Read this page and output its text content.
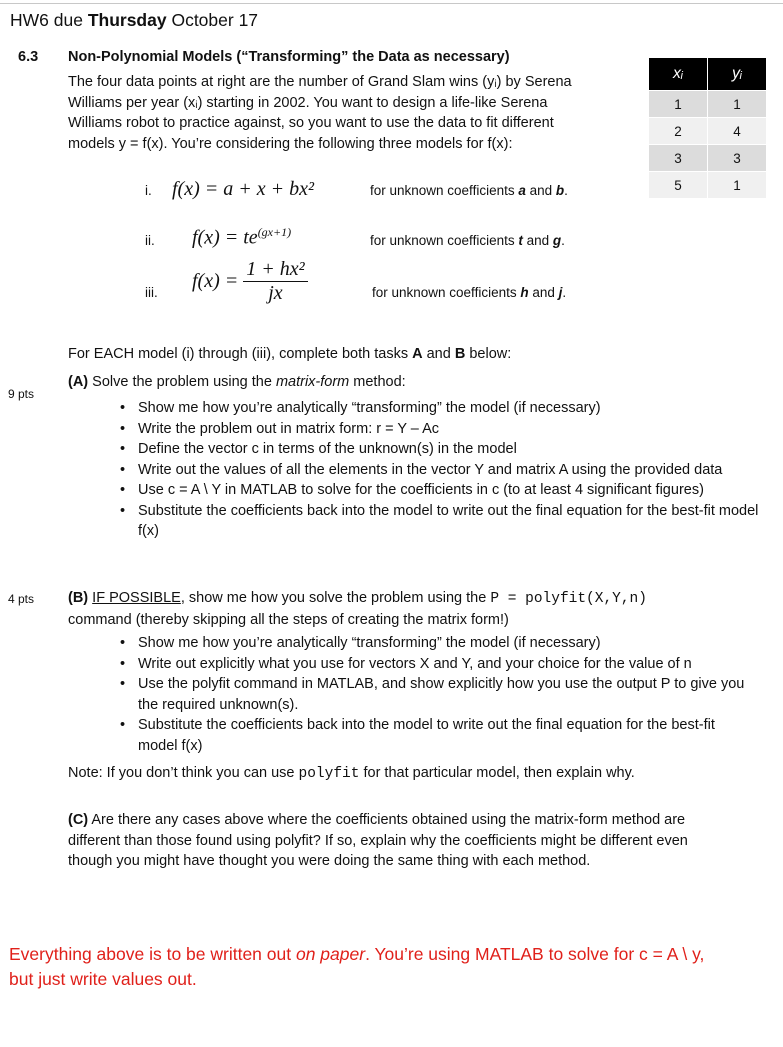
HW6 due Thursday October 17
6.3 Non-Polynomial Models (“Transforming” the Data as necessary)
The four data points at right are the number of Grand Slam wins (yᵢ) by Serena
Williams per year (xᵢ) starting in 2002. You want to design a life-like Serena
Williams robot to practice against, so you want to use the data to fit different
models y = f(x). You’re considering the following three models for f(x):
xᵢ	yᵢ
1	1
2	4
3	3
5	1
i. f(x) = a + x + bx²	for unknown coefficients a and b.
ii. $f(x) = te^{(gx+1)}$
for unknown coefficients t and g.
iii.
$f(x) = \frac{\text{1 + hx²}}{jx}$	for unknown coefficients h and j.
For EACH model (i) through (iii), complete both tasks A and B below:
9 pts
(A) Solve the problem using the matrix-form method:
• Show me how you’re analytically “transforming” the model (if necessary)
• Write the problem out in matrix form: r = Y – Ac
• Define the vector c in terms of the unknown(s) in the model
• Write out the values of all the elements in the vector Y and matrix A using the provided data
• Use c = A \ Y in MATLAB to solve for the coefficients in c (to at least 4 significant figures)
• Substitute the coefficients back into the model to write out the final equation for the best-fit model f(x)
4 pts (B) IF POSSIBLE, show me how you solve the problem using the P = polyfit(X,Y,n)
command (thereby skipping all the steps of creating the matrix form!)
• Show me how you’re analytically “transforming” the model (if necessary)
• Write out explicitly what you use for vectors X and Y, and your choice for the value of n
• Use the polyfit command in MATLAB, and show explicitly how you use the output P to give you the required unknown(s).
• Substitute the coefficients back into the model to write out the final equation for the best-fit model f(x)
Note: If you don’t think you can use polyfit for that particular model, then explain why.
(C) Are there any cases above where the coefficients obtained using the matrix-form method are
different than those found using polyfit? If so, explain why the coefficients might be different even
though you might have thought you were doing the same thing with each method.
Everything above is to be written out on paper. You’re using MATLAB to solve for c = A \ y,
but just write values out.
